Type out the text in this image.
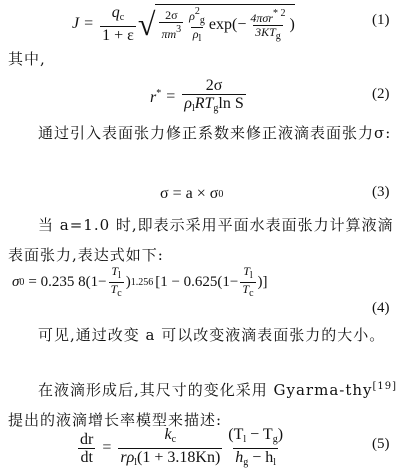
$J = \frac{q_c}{1 + \varepsilon}$ √ $\frac{2\sigma}{\pi m^3} \frac{\rho^2_g}{\rho_l} \exp(- \frac{4\pi\sigma r^{* 2}}{3KT_g}$ )	(1)
其中,
$r^* = \frac{2\sigma}{\rho_lRT_g\ln S}$	(2)
通过引入表面张力修正系数来修正液滴表面张力σ:
σ = a × σ 0	(3)
当 a=1.0 时,即表示采用平面水表面张力计算液滴表面张力,表达式如下:
σ 0 = 0.235 $8(1- \frac{T_l}{T_c}$ ) 1.256 [$1 - 0.625(1- \frac{T_l}{T_c}$ )]
(4)
可见,通过改变 a 可以改变液滴表面张力的大小。
在液滴形成后,其尺寸的变化采用 Gyarma-thy[19]提出的液滴增长率模型来描述:
$\frac{dr}{dt} = \frac{k_c}{r\rho_l(1 + 3.18Kn)} \frac{(T_l - T_g)}{h_g - h_l}$	(5)
